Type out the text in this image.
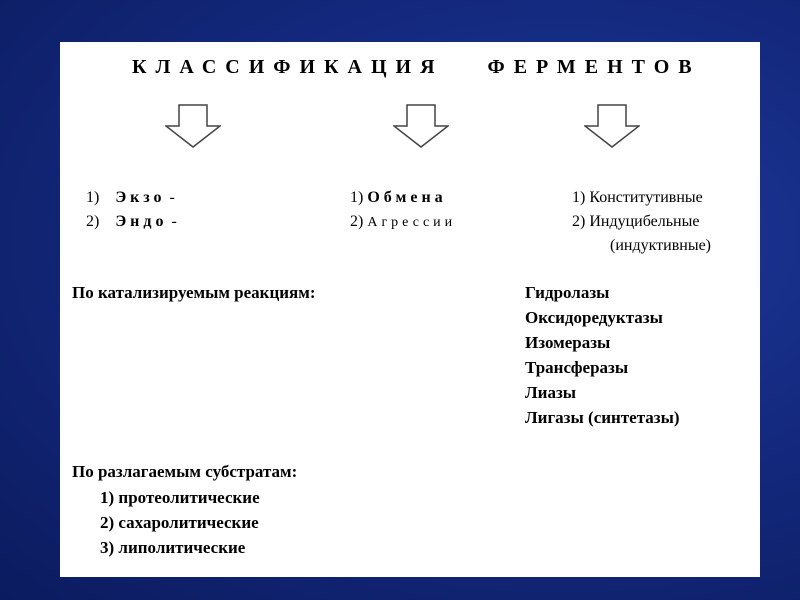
КЛАССИФИКАЦИЯ ФЕРМЕНТОВ
1) Экзо -
2) Эндо -
1) Обмена
2) Агрессии
1) Конститутивные
2) Индуцибельные
(индуктивные)
По катализируемым реакциям:	Гидролазы
Оксидоредуктазы
Изомеразы
Трансферазы
Лиазы
Лигазы (синтетазы)
По разлагаемым субстратам:
1) протеолитические
2) сахаролитические
3) липолитические
